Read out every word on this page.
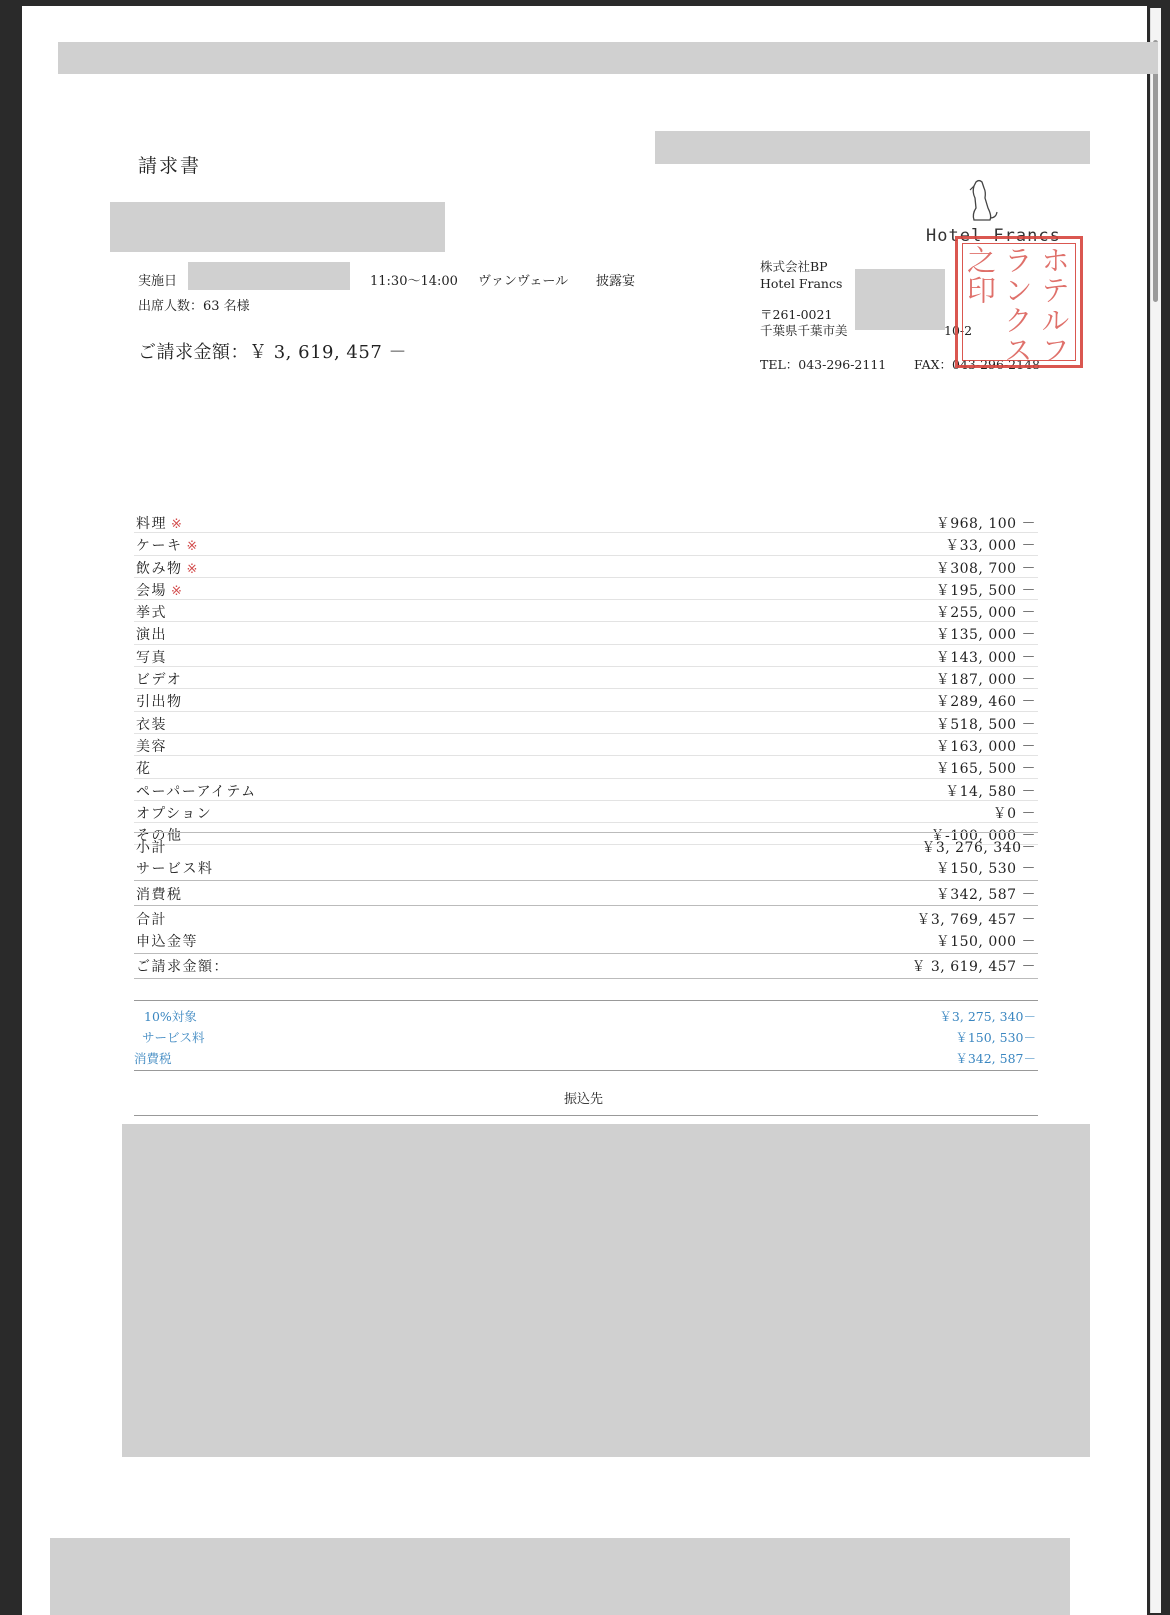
請求書
実施日	11:30〜14:00 ヴァンヴェール 披露宴
出席人数：63 名様
ご請求金額：￥ 3, 619, 457 －
Hotel Francs
株式会社BP
Hotel Francs
〒261-0021
千葉県千葉市美	10-2
TEL：043-296-2111 FAX：043-296-2148
ホテルフランクス之印
料理 ※	￥968, 100 －
ケーキ ※	￥33, 000 －
飲み物 ※	￥308, 700 －
会場 ※	￥195, 500 －
挙式	￥255, 000 －
演出	￥135, 000 －
写真	￥143, 000 －
ビデオ	￥187, 000 －
引出物	￥289, 460 －
衣装	￥518, 500 －
美容	￥163, 000 －
花	￥165, 500 －
ペーパーアイテム	￥14, 580 －
オプション	￥0 －
その他	￥-100, 000 －
小計	￥3, 276, 340－
サービス料	￥150, 530 －
消費税	￥342, 587 －
合計	￥3, 769, 457 －
申込金等	￥150, 000 －
ご請求金額：	￥ 3, 619, 457 －
10%対象	￥3, 275, 340－
サービス料	￥150, 530－
消費税	￥342, 587－
振込先
1/4
